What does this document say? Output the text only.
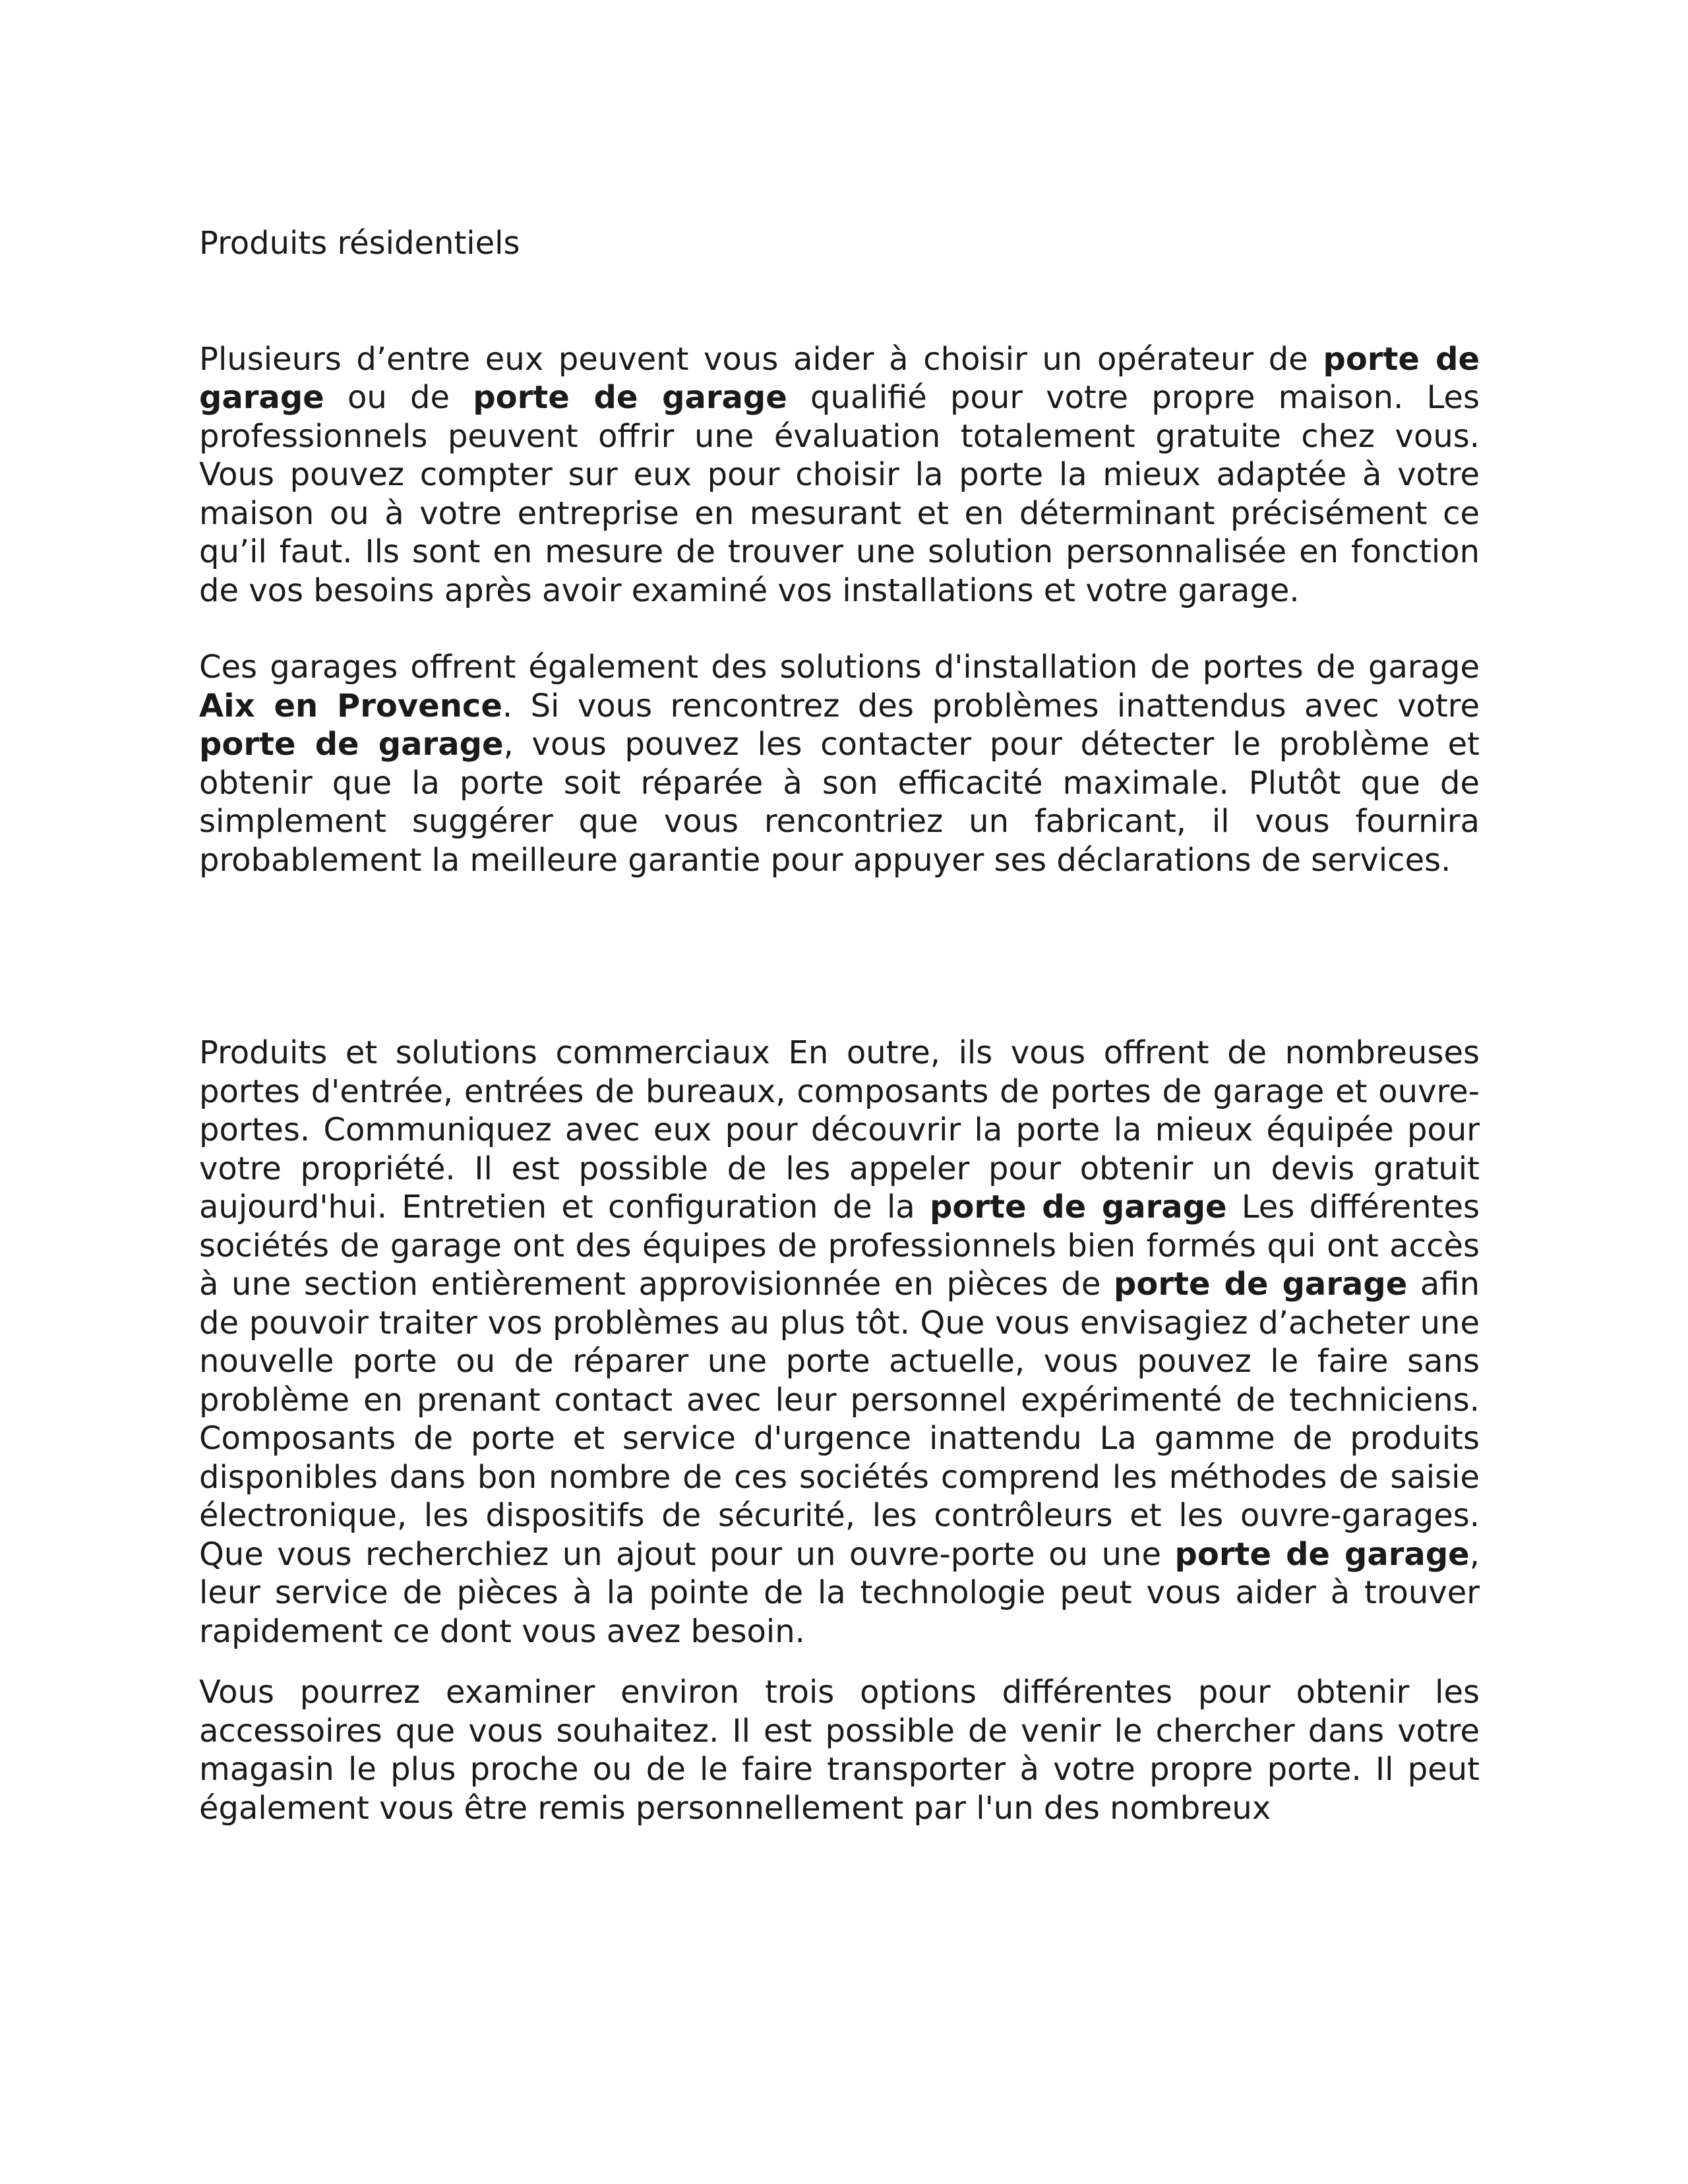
Produits résidentiels

Plusieurs d’entre eux peuvent vous aider à choisir un opérateur de porte de garage ou de porte de garage qualifié pour votre propre maison. Les professionnels peuvent offrir une évaluation totalement gratuite chez vous. Vous pouvez compter sur eux pour choisir la porte la mieux adaptée à votre maison ou à votre entreprise en mesurant et en déterminant précisément ce qu’il faut. Ils sont en mesure de trouver une solution personnalisée en fonction de vos besoins après avoir examiné vos installations et votre garage.

Ces garages offrent également des solutions d'installation de portes de garage Aix en Provence. Si vous rencontrez des problèmes inattendus avec votre porte de garage, vous pouvez les contacter pour détecter le problème et obtenir que la porte soit réparée à son efficacité maximale. Plutôt que de simplement suggérer que vous rencontriez un fabricant, il vous fournira probablement la meilleure garantie pour appuyer ses déclarations de services.

Produits et solutions commerciaux En outre, ils vous offrent de nombreuses portes d'entrée, entrées de bureaux, composants de portes de garage et ouvre-portes. Communiquez avec eux pour découvrir la porte la mieux équipée pour votre propriété. Il est possible de les appeler pour obtenir un devis gratuit aujourd'hui. Entretien et configuration de la porte de garage Les différentes sociétés de garage ont des équipes de professionnels bien formés qui ont accès à une section entièrement approvisionnée en pièces de porte de garage afin de pouvoir traiter vos problèmes au plus tôt. Que vous envisagiez d’acheter une nouvelle porte ou de réparer une porte actuelle, vous pouvez le faire sans problème en prenant contact avec leur personnel expérimenté de techniciens. Composants de porte et service d'urgence inattendu La gamme de produits disponibles dans bon nombre de ces sociétés comprend les méthodes de saisie électronique, les dispositifs de sécurité, les contrôleurs et les ouvre-garages. Que vous recherchiez un ajout pour un ouvre-porte ou une porte de garage, leur service de pièces à la pointe de la technologie peut vous aider à trouver rapidement ce dont vous avez besoin.

Vous pourrez examiner environ trois options différentes pour obtenir les accessoires que vous souhaitez. Il est possible de venir le chercher dans votre magasin le plus proche ou de le faire transporter à votre propre porte. Il peut également vous être remis personnellement par l'un des nombreux
